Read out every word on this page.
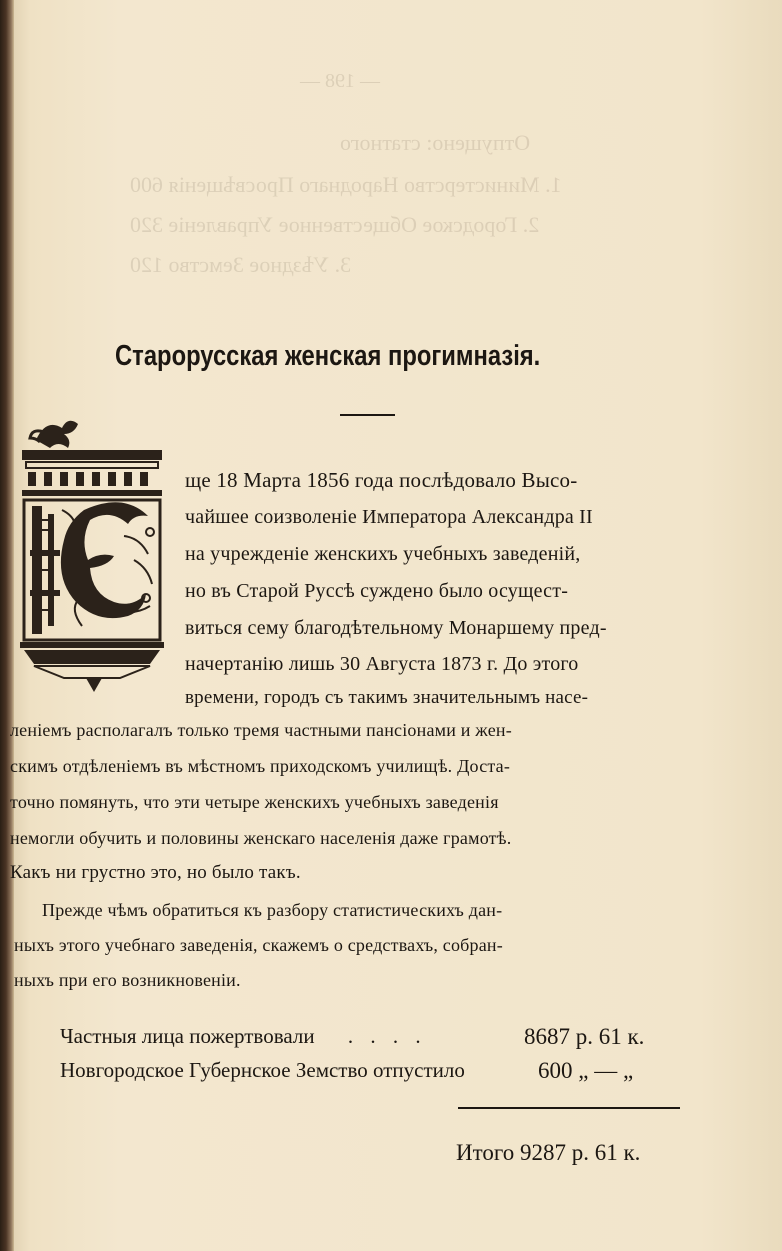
— 198 —
Отпущено: статного
1. Министерство Народнаго Просвѣщенія 600
2. Городское Общественное Управленіе 320
3. Уѣздное Земство 120
Старорусская женская прогимназія.
ще 18 Марта 1856 года послѣдовало Высо-
чайшее соизволеніе Императора Александра II
на учрежденіе женскихъ учебныхъ заведеній,
но въ Старой Руссѣ суждено было осущест-
виться сему благодѣтельному Монаршему пред-
начертанію лишь 30 Августа 1873 г. До этого
времени, городъ съ такимъ значительнымъ насе-
леніемъ располагалъ только тремя частными пансіонами и жен-
скимъ отдѣленіемъ въ мѣстномъ приходскомъ училищѣ. Доста-
точно помянуть, что эти четыре женскихъ учебныхъ заведенія
немогли обучить и половины женскаго населенія даже грамотѣ.
Какъ ни грустно это, но было такъ.
Прежде чѣмъ обратиться къ разбору статистическихъ дан-
ныхъ этого учебнаго заведенія, скажемъ о средствахъ, собран-
ныхъ при его возникновеніи.
Частныя лица пожертвовали . . . .	8687 р. 61 к.
Новгородское Губернское Земство отпустило	600 „ — „
Итого 9287 р. 61 к.
